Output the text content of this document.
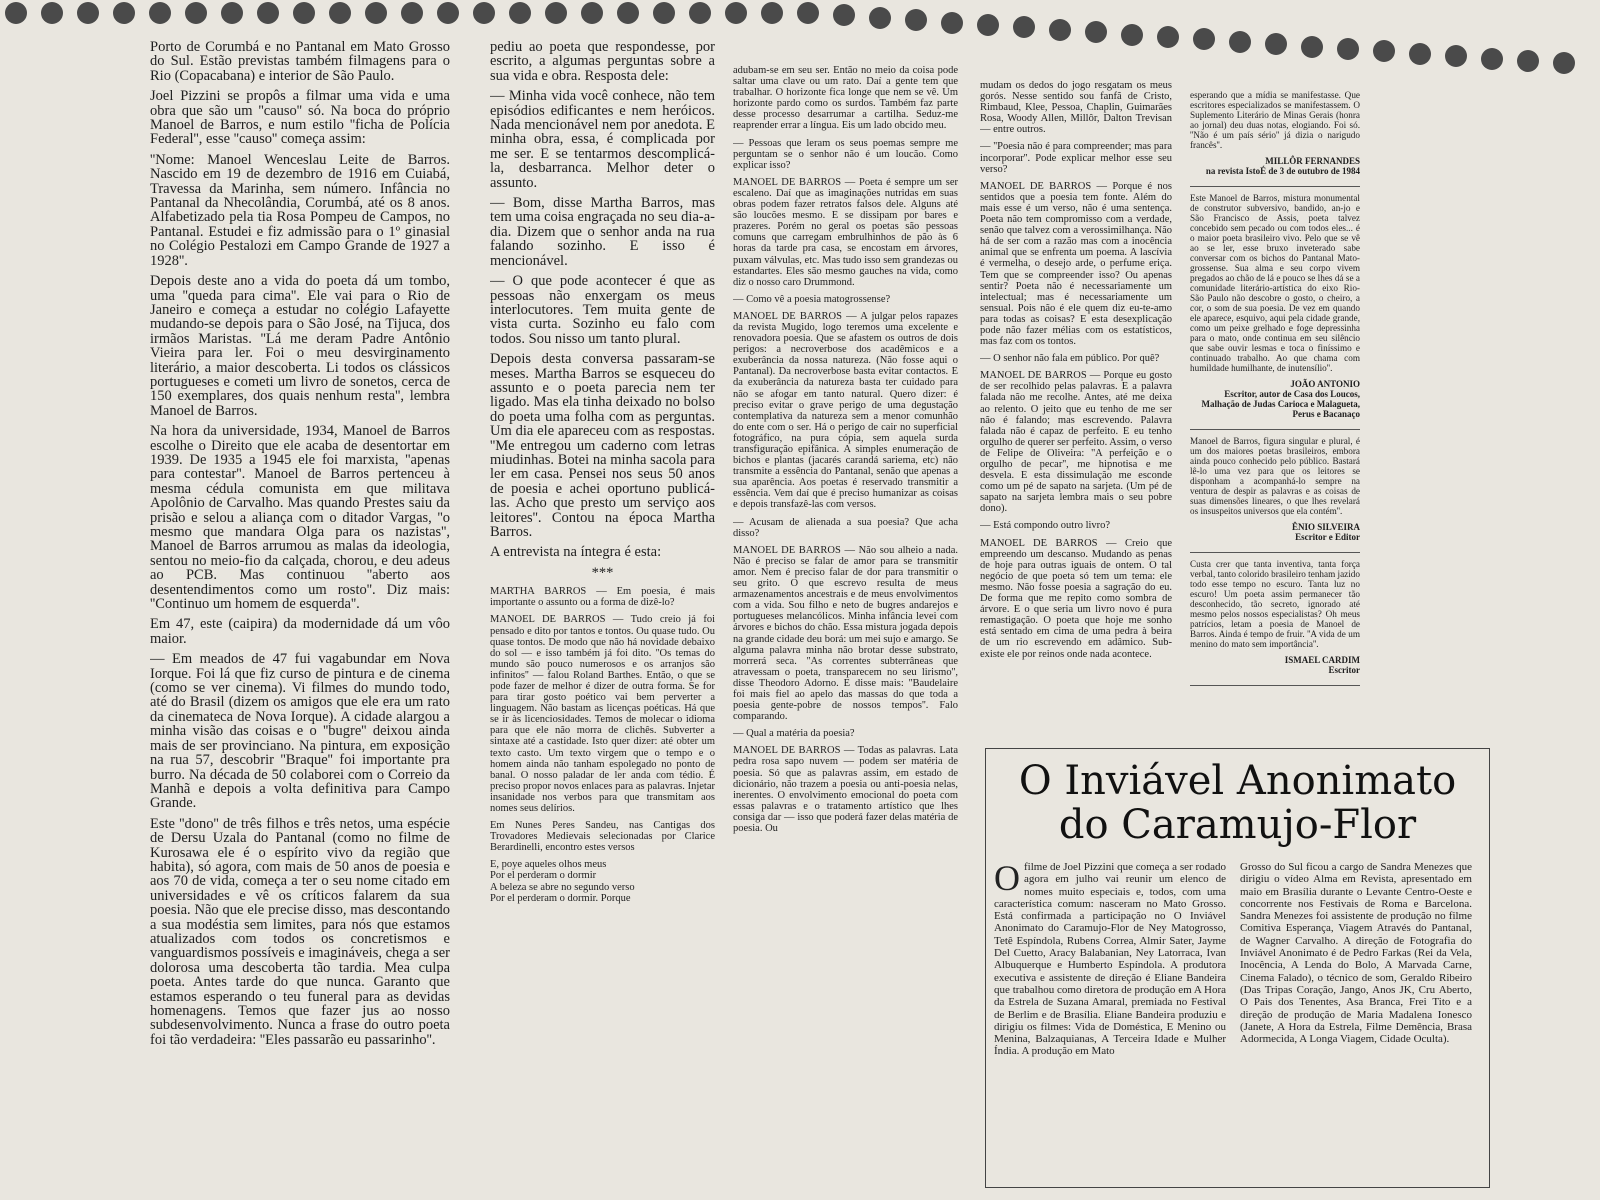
Porto de Corumbá e no Pantanal em Mato Grosso do Sul. Estão previstas também filmagens para o Rio (Copacabana) e interior de São Paulo.

Joel Pizzini se propôs a filmar uma vida e uma obra que são um ''causo'' só. Na boca do próprio Manoel de Barros, e num estilo ''ficha de Polícia Federal'', esse ''causo'' começa assim:

''Nome: Manoel Wenceslau Leite de Barros. Nascido em 19 de dezembro de 1916 em Cuiabá, Travessa da Marinha, sem número. Infância no Pantanal da Nhecolândia, Corumbá, até os 8 anos. Alfabetizado pela tia Rosa Pompeu de Campos, no Pantanal. Estudei e fiz admissão para o 1º ginasial no Colégio Pestalozi em Campo Grande de 1927 a 1928''.

Depois deste ano a vida do poeta dá um tombo, uma ''queda para cima''. Ele vai para o Rio de Janeiro e começa a estudar no colégio Lafayette mudando-se depois para o São José, na Tijuca, dos irmãos Maristas. ''Lá me deram Padre Antônio Vieira para ler. Foi o meu desvirginamento literário, a maior descoberta. Li todos os clássicos portugueses e cometi um livro de sonetos, cerca de 150 exemplares, dos quais nenhum resta'', lembra Manoel de Barros.

Na hora da universidade, 1934, Manoel de Barros escolhe o Direito que ele acaba de desentortar em 1939. De 1935 a 1945 ele foi marxista, ''apenas para contestar''. Manoel de Barros pertenceu à mesma cédula comunista em que militava Apolônio de Carvalho. Mas quando Prestes saiu da prisão e selou a aliança com o ditador Vargas, ''o mesmo que mandara Olga para os nazistas'', Manoel de Barros arrumou as malas da ideologia, sentou no meio-fio da calçada, chorou, e deu adeus ao PCB. Mas continuou ''aberto aos desentendimentos como um rosto''. Diz mais: ''Continuo um homem de esquerda''.

Em 47, este (caipira) da modernidade dá um vôo maior.

— Em meados de 47 fui vagabundar em Nova Iorque. Foi lá que fiz curso de pintura e de cinema (como se ver cinema). Vi filmes do mundo todo, até do Brasil (dizem os amigos que ele era um rato da cinemateca de Nova Iorque). A cidade alargou a minha visão das coisas e o ''bugre'' deixou ainda mais de ser provinciano. Na pintura, em exposição na rua 57, descobrir ''Braque'' foi importante pra burro. Na década de 50 colaborei com o Correio da Manhã e depois a volta definitiva para Campo Grande.

Este ''dono'' de três filhos e três netos, uma espécie de Dersu Uzala do Pantanal (como no filme de Kurosawa ele é o espírito vivo da região que habita), só agora, com mais de 50 anos de poesia e aos 70 de vida, começa a ter o seu nome citado em universidades e vê os críticos falarem da sua poesia. Não que ele precise disso, mas descontando a sua modéstia sem limites, para nós que estamos atualizados com todos os concretismos e vanguardismos possíveis e imagináveis, chega a ser dolorosa uma descoberta tão tardia. Mea culpa poeta. Antes tarde do que nunca. Garanto que estamos esperando o teu funeral para as devidas homenagens. Temos que fazer jus ao nosso subdesenvolvimento. Nunca a frase do outro poeta foi tão verdadeira: ''Eles passarão eu passarinho''.

pediu ao poeta que respondesse, por escrito, a algumas perguntas sobre a sua vida e obra. Resposta dele:

— Minha vida você conhece, não tem episódios edificantes e nem heróicos. Nada mencionável nem por anedota. E minha obra, essa, é complicada por me ser. E se tentarmos descomplicá-la, desbarranca. Melhor deter o assunto.

— Bom, disse Martha Barros, mas tem uma coisa engraçada no seu dia-a-dia. Dizem que o senhor anda na rua falando sozinho. E isso é mencionável.

— O que pode acontecer é que as pessoas não enxergam os meus interlocutores. Tem muita gente de vista curta. Sozinho eu falo com todos. Sou nisso um tanto plural.

Depois desta conversa passaram-se meses. Martha Barros se esqueceu do assunto e o poeta parecia nem ter ligado. Mas ela tinha deixado no bolso do poeta uma folha com as perguntas. Um dia ele apareceu com as respostas. ''Me entregou um caderno com letras miudinhas. Botei na minha sacola para ler em casa. Pensei nos seus 50 anos de poesia e achei oportuno publicá-las. Acho que presto um serviço aos leitores''. Contou na época Martha Barros.

A entrevista na íntegra é esta:

***

MARTHA BARROS — Em poesia, é mais importante o assunto ou a forma de dizê-lo?

MANOEL DE BARROS — Tudo creio já foi pensado e dito por tantos e tontos. Ou quase tudo. Ou quase tontos. De modo que não há novidade debaixo do sol — e isso também já foi dito. ''Os temas do mundo são pouco numerosos e os arranjos são infinitos'' — falou Roland Barthes. Então, o que se pode fazer de melhor é dizer de outra forma. Se for para tirar gosto poético vai bem perverter a linguagem. Não bastam as licenças poéticas. Há que se ir às licenciosidades. Temos de molecar o idioma para que ele não morra de clichês. Subverter a sintaxe até a castidade. Isto quer dizer: até obter um texto casto. Um texto virgem que o tempo e o homem ainda não tanham espolegado no ponto de banal. O nosso paladar de ler anda com tédio. É preciso propor novos enlaces para as palavras. Injetar insanidade nos verbos para que transmitam aos nomes seus delírios.

Em Nunes Peres Sandeu, nas Cantigas dos Trovadores Medievais selecionadas por Clarice Berardinelli, encontro estes versos

E, poye aqueles olhos meus
Por el perderam o dormir
A beleza se abre no segundo verso
Por el perderam o dormir. Porque

adubam-se em seu ser. Então no meio da coisa pode saltar uma clave ou um rato. Daí a gente tem que trabalhar. O horizonte fica longe que nem se vê. Um horizonte pardo como os surdos. Também faz parte desse processo desarrumar a cartilha. Seduz-me reaprender errar a língua. Eis um lado obcido meu.

— Pessoas que leram os seus poemas sempre me perguntam se o senhor não é um loucão. Como explicar isso?

MANOEL DE BARROS — Poeta é sempre um ser escaleno. Daí que as imaginações nutridas em suas obras podem fazer retratos falsos dele. Alguns até são loucões mesmo. E se dissipam por bares e prazeres. Porém no geral os poetas são pessoas comuns que carregam embrulhinhos de pão às 6 horas da tarde pra casa, se encostam em árvores, puxam válvulas, etc. Mas tudo isso sem grandezas ou estandartes. Eles são mesmo gauches na vida, como diz o nosso caro Drummond.

— Como vê a poesia matogrossense?

MANOEL DE BARROS — A julgar pelos rapazes da revista Mugido, logo teremos uma excelente e renovadora poesia. Que se afastem os outros de dois perigos: a necroverbose dos acadêmicos e a exuberância da nossa natureza. (Não fosse aqui o Pantanal). Da necroverbose basta evitar contactos. E da exuberância da natureza basta ter cuidado para não se afogar em tanto natural. Quero dizer: é preciso evitar o grave perigo de uma degustação contemplativa da natureza sem a menor comunhão do ente com o ser. Há o perigo de cair no superficial fotográfico, na pura cópia, sem aquela surda transfiguração epifânica. A simples enumeração de bichos e plantas (jacarés carandá sariema, etc) não transmite a essência do Pantanal, senão que apenas a sua aparência. Aos poetas é reservado transmitir a essência. Vem daí que é preciso humanizar as coisas e depois transfazê-las com versos.

— Acusam de alienada a sua poesia? Que acha disso?

MANOEL DE BARROS — Não sou alheio a nada. Não é preciso se falar de amor para se transmitir amor. Nem é preciso falar de dor para transmitir o seu grito. O que escrevo resulta de meus armazenamentos ancestrais e de meus envolvimentos com a vida. Sou filho e neto de bugres andarejos e portugueses melancólicos. Minha infância levei com árvores e bichos do chão. Essa mistura jogada depois na grande cidade deu borá: um mei sujo e amargo. Se alguma palavra minha não brotar desse substrato, morrerá seca. ''As correntes subterrâneas que atravessam o poeta, transparecem no seu lirismo'', disse Theodoro Adorno. E disse mais: ''Baudelaire foi mais fiel ao apelo das massas do que toda a poesia gente-pobre de nossos tempos''. Falo comparando.

— Qual a matéria da poesia?

MANOEL DE BARROS — Todas as palavras. Lata pedra rosa sapo nuvem — podem ser matéria de poesia. Só que as palavras assim, em estado de dicionário, não trazem a poesia ou anti-poesia nelas, inerentes. O envolvimento emocional do poeta com essas palavras e o tratamento artístico que lhes consiga dar — isso que poderá fazer delas matéria de poesia. Ou

mudam os dedos do jogo resgatam os meus gorós. Nesse sentido sou fanfã de Cristo, Rimbaud, Klee, Pessoa, Chaplin, Guimarães Rosa, Woody Allen, Millôr, Dalton Trevisan — entre outros.

— ''Poesia não é para compreender; mas para incorporar''. Pode explicar melhor esse seu verso?

MANOEL DE BARROS — Porque é nos sentidos que a poesia tem fonte. Além do mais esse é um verso, não é uma sentença. Poeta não tem compromisso com a verdade, senão que talvez com a verossimilhança. Não há de ser com a razão mas com a inocência animal que se enfrenta um poema. A lascívia é vermelha, o desejo arde, o perfume eriça. Tem que se compreender isso? Ou apenas sentir? Poeta não é necessariamente um intelectual; mas é necessariamente um sensual. Pois não é ele quem diz eu-te-amo para todas as coisas? E esta desexplicação pode não fazer mélias com os estatísticos, mas faz com os tontos.

— O senhor não fala em público. Por quê?

MANOEL DE BARROS — Porque eu gosto de ser recolhido pelas palavras. E a palavra falada não me recolhe. Antes, até me deixa ao relento. O jeito que eu tenho de me ser não é falando; mas escrevendo. Palavra falada não é capaz de perfeito. E eu tenho orgulho de querer ser perfeito. Assim, o verso de Felipe de Oliveira: ''A perfeição e o orgulho de pecar'', me hipnotisa e me desvela. E esta dissimulação me esconde como um pé de sapato na sarjeta. (Um pé de sapato na sarjeta lembra mais o seu pobre dono).

— Está compondo outro livro?

MANOEL DE BARROS — Creio que empreendo um descanso. Mudando as penas de hoje para outras iguais de ontem. O tal negócio de que poeta só tem um tema: ele mesmo. Não fosse poesia a sagração do eu. De forma que me repito como sombra de árvore. E o que seria um livro novo é pura remastigação. O poeta que hoje me sonho está sentado em cima de uma pedra à beira de um rio escrevendo em adâmico. Sub-existe ele por reinos onde nada acontece.

esperando que a mídia se manifestasse. Que escritores especializados se manifestassem. O Suplemento Literário de Minas Gerais (honra ao jornal) deu duas notas, elogiando. Foi só. ''Não é um país sério'' já dizia o narigudo francês''.

MILLÔR FERNANDES
na revista IstoÉ de 3 de outubro de 1984

Este Manoel de Barros, mistura monumental de construtor subversivo, bandido, an-jo e São Francisco de Assis, poeta talvez concebido sem pecado ou com todos eles... é o maior poeta brasileiro vivo. Pelo que se vê ao se ler, esse bruxo inveterado sabe conversar com os bichos do Pantanal Mato-grossense. Sua alma e seu corpo vivem pregados ao chão de lá e pouco se lhes dá se a comunidade literário-artística do eixo Rio-São Paulo não descobre o gosto, o cheiro, a cor, o som de sua poesia. De vez em quando ele aparece, esquivo, aqui pela cidade grande, como um peixe grelhado e foge depressinha para o mato, onde continua em seu silêncio que sabe ouvir lesmas e toca o finíssimo e continuado trabalho. Ao que chama com humildade humilhante, de inutensílio''.

JOÃO ANTONIO
Escritor, autor de Casa dos Loucos, Malhação de Judas Carioca e Malagueta, Perus e Bacanaço

Manoel de Barros, figura singular e plural, é um dos maiores poetas brasileiros, embora ainda pouco conhecido pelo público. Bastará lê-lo uma vez para que os leitores se disponham a acompanhá-lo sempre na ventura de despir as palavras e as coisas de suas dimensões lineares, o que lhes revelará os insuspeitos universos que ela contém''.

ÊNIO SILVEIRA
Escritor e Editor

Custa crer que tanta inventiva, tanta força verbal, tanto colorido brasileiro tenham jazido todo esse tempo no escuro. Tanta luz no escuro! Um poeta assim permanecer tão desconhecido, tão secreto, ignorado até mesmo pelos nossos especialistas? Oh meus patrícios, letam a poesia de Manoel de Barros. Ainda é tempo de fruir. ''A vida de um menino do mato sem importância''.

ISMAEL CARDIM
Escritor
O Inviável Anonimato do Caramujo-Flor
Ofilme de Joel Pizzini que começa a ser rodado agora em julho vai reunir um elenco de nomes muito especiais e, todos, com uma característica comum: nasceram no Mato Grosso. Está confirmada a participação no O Inviável Anonimato do Caramujo-Flor de Ney Matogrosso, Tetê Espíndola, Rubens Correa, Almir Sater, Jayme Del Cuetto, Aracy Balabanian, Ney Latorraca, Ivan Albuquerque e Humberto Espíndola. A produtora executiva e assistente de direção é Eliane Bandeira que trabalhou como diretora de produção em A Hora da Estrela de Suzana Amaral, premiada no Festival de Berlim e de Brasília. Eliane Bandeira produziu e dirigiu os filmes: Vida de Doméstica, E Menino ou Menina, Balzaquianas, A Terceira Idade e Mulher Índia. A produção em Mato
Grosso do Sul ficou a cargo de Sandra Menezes que dirigiu o vídeo Alma em Revista, apresentado em maio em Brasília durante o Levante Centro-Oeste e concorrente nos Festivais de Roma e Barcelona. Sandra Menezes foi assistente de produção no filme Comitiva Esperança, Viagem Através do Pantanal, de Wagner Carvalho. A direção de Fotografia do Inviável Anonimato é de Pedro Farkas (Rei da Vela, Inocência, A Lenda do Bolo, A Marvada Carne, Cinema Falado), o técnico de som, Geraldo Ribeiro (Das Tripas Coração, Jango, Anos JK, Cru Aberto, O Pais dos Tenentes, Asa Branca, Frei Tito e a direção de produção de Maria Madalena Ionesco (Janete, A Hora da Estrela, Filme Demência, Brasa Adormecida, A Longa Viagem, Cidade Oculta).
